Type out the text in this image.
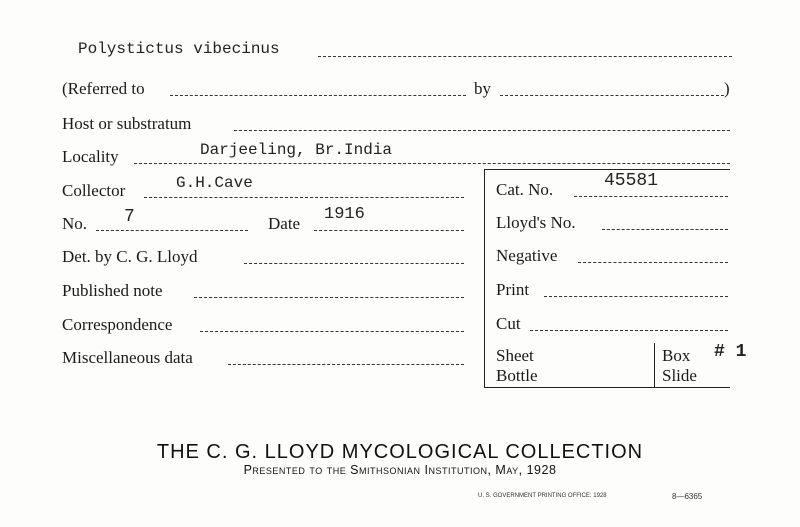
Polystictus vibecinus
(Referred to	by	)
Host or substratum
Locality	Darjeeling, Br.India
Collector	G.H.Cave	Cat. No.	45581
No. 7	Date 1916	Lloyd's No.
Det. by C. G. Lloyd	Negative
Published note	Print
Correspondence	Cut
Miscellaneous data	Sheet	Box # 1
Bottle	Slide
THE C. G. LLOYD MYCOLOGICAL COLLECTION
Presented to the Smithsonian Institution, May, 1928
U. S. GOVERNMENT PRINTING OFFICE: 1928	8—6365
